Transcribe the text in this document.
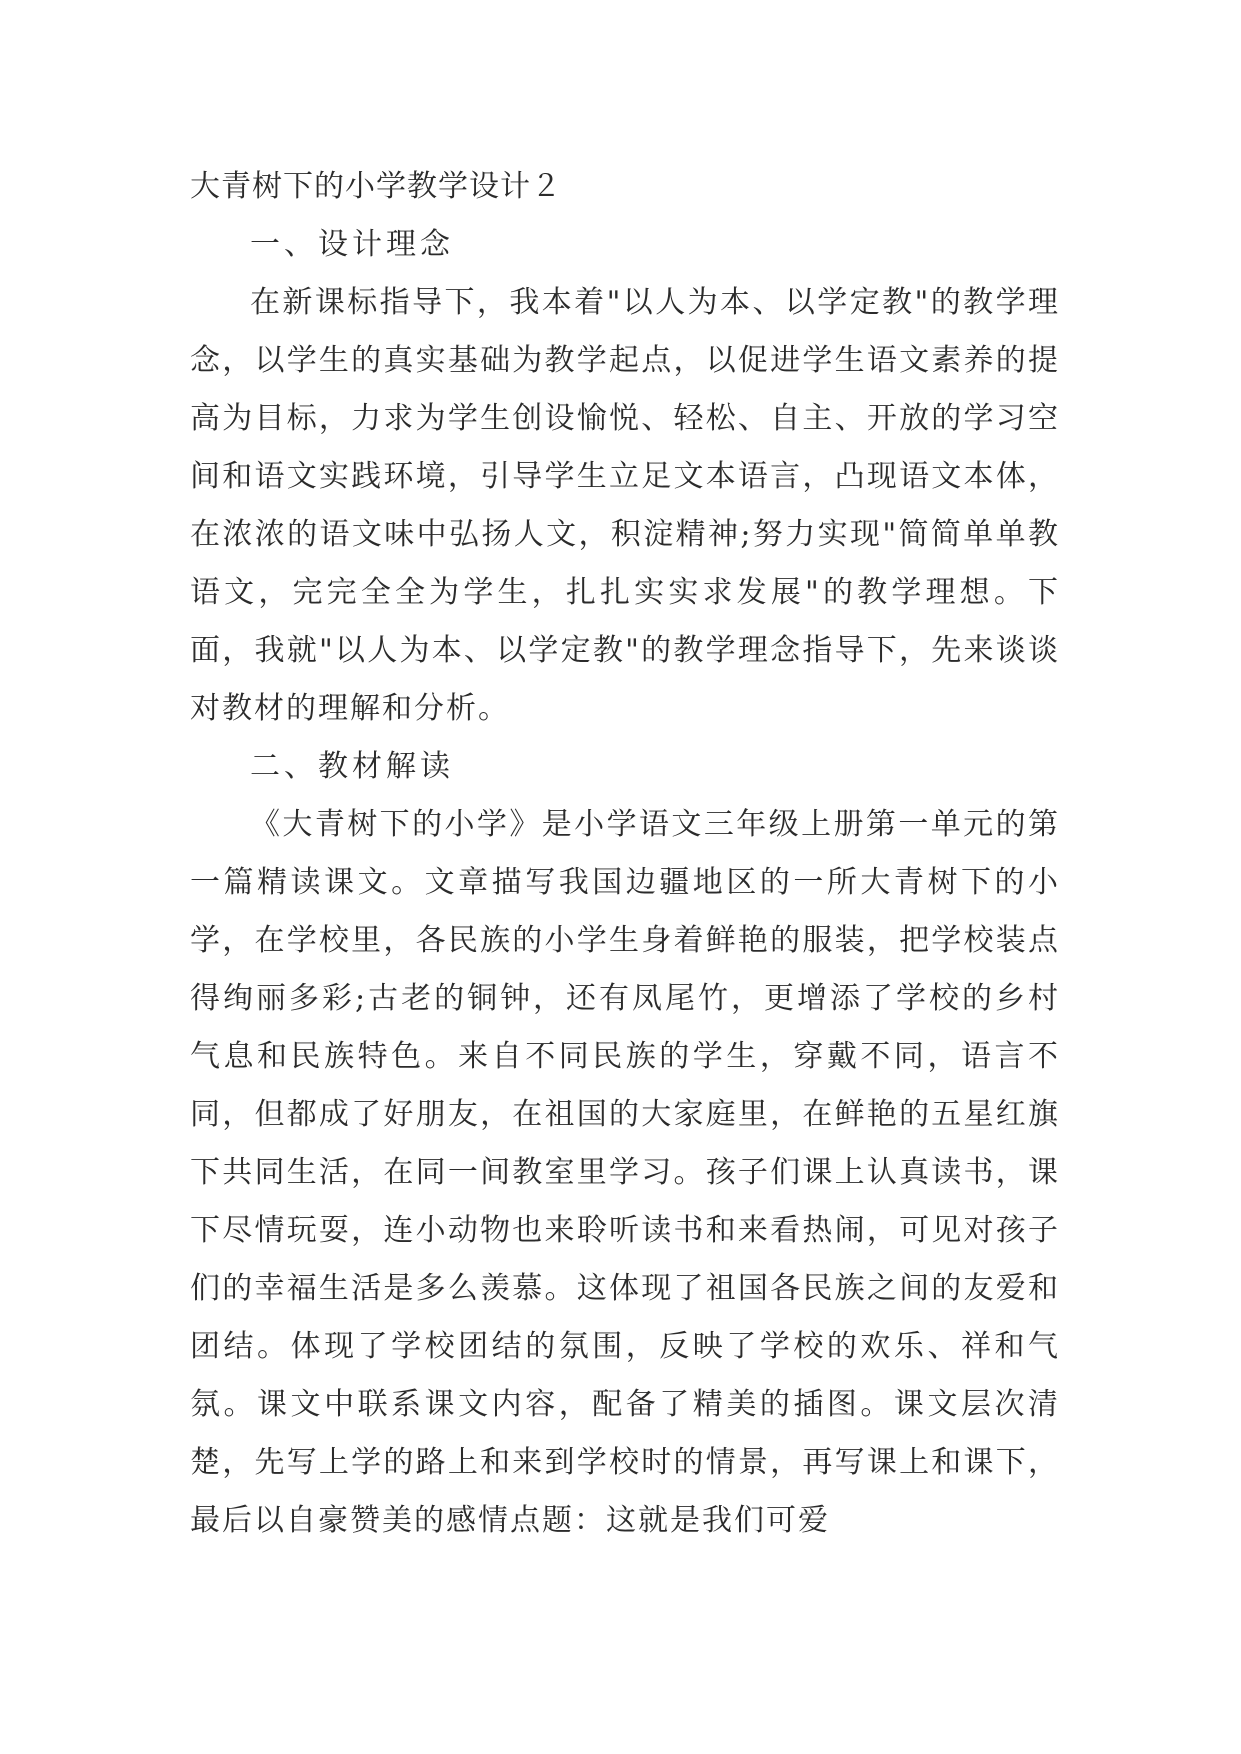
大青树下的小学教学设计２
一、设计理念

在新课标指导下，我本着"以人为本、以学定教"的教学理念，以学生的真实基础为教学起点，以促进学生语文素养的提高为目标，力求为学生创设愉悦、轻松、自主、开放的学习空间和语文实践环境，引导学生立足文本语言，凸现语文本体，在浓浓的语文味中弘扬人文，积淀精神;努力实现"简简单单教语文，完完全全为学生，扎扎实实求发展"的教学理想。下面，我就"以人为本、以学定教"的教学理念指导下，先来谈谈对教材的理解和分析。

二、教材解读

《大青树下的小学》是小学语文三年级上册第一单元的第一篇精读课文。文章描写我国边疆地区的一所大青树下的小学，在学校里，各民族的小学生身着鲜艳的服装，把学校装点得绚丽多彩;古老的铜钟，还有凤尾竹，更增添了学校的乡村气息和民族特色。来自不同民族的学生，穿戴不同，语言不同，但都成了好朋友，在祖国的大家庭里，在鲜艳的五星红旗下共同生活，在同一间教室里学习。孩子们课上认真读书，课下尽情玩耍，连小动物也来聆听读书和来看热闹，可见对孩子们的幸福生活是多么羡慕。这体现了祖国各民族之间的友爱和团结。体现了学校团结的氛围，反映了学校的欢乐、祥和气氛。课文中联系课文内容，配备了精美的插图。课文层次清楚，先写上学的路上和来到学校时的情景，再写课上和课下，最后以自豪赞美的感情点题：这就是我们可爱
